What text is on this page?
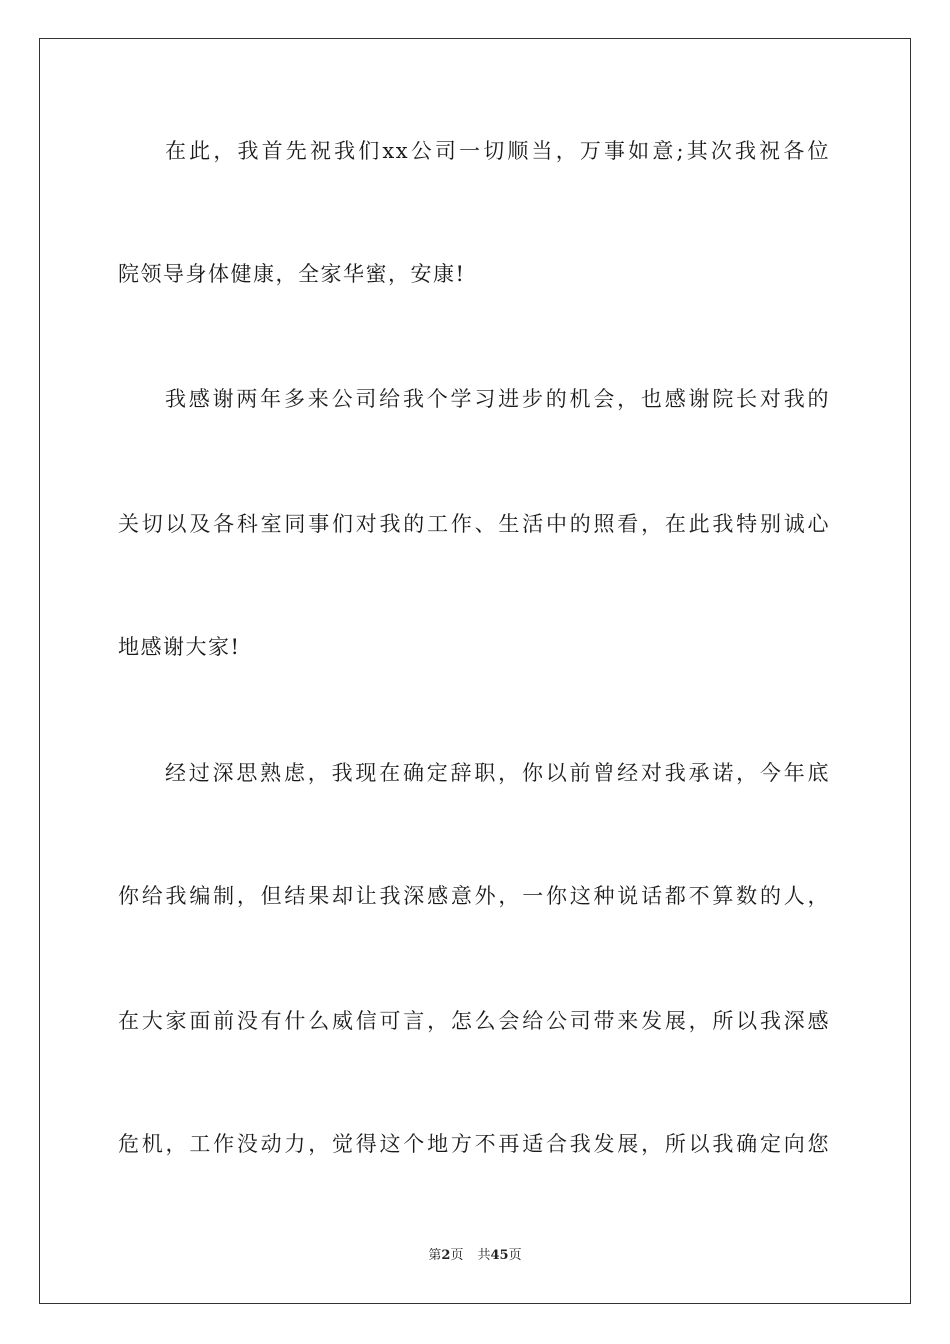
在此，我首先祝我们xx公司一切顺当，万事如意;其次我祝各位
院领导身体健康，全家华蜜，安康!
我感谢两年多来公司给我个学习进步的机会，也感谢院长对我的
关切以及各科室同事们对我的工作、生活中的照看，在此我特别诚心
地感谢大家!
经过深思熟虑，我现在确定辞职，你以前曾经对我承诺，今年底
你给我编制，但结果却让我深感意外，一你这种说话都不算数的人，
在大家面前没有什么威信可言，怎么会给公司带来发展，所以我深感
危机，工作没动力，觉得这个地方不再适合我发展，所以我确定向您
第2页 共45页
